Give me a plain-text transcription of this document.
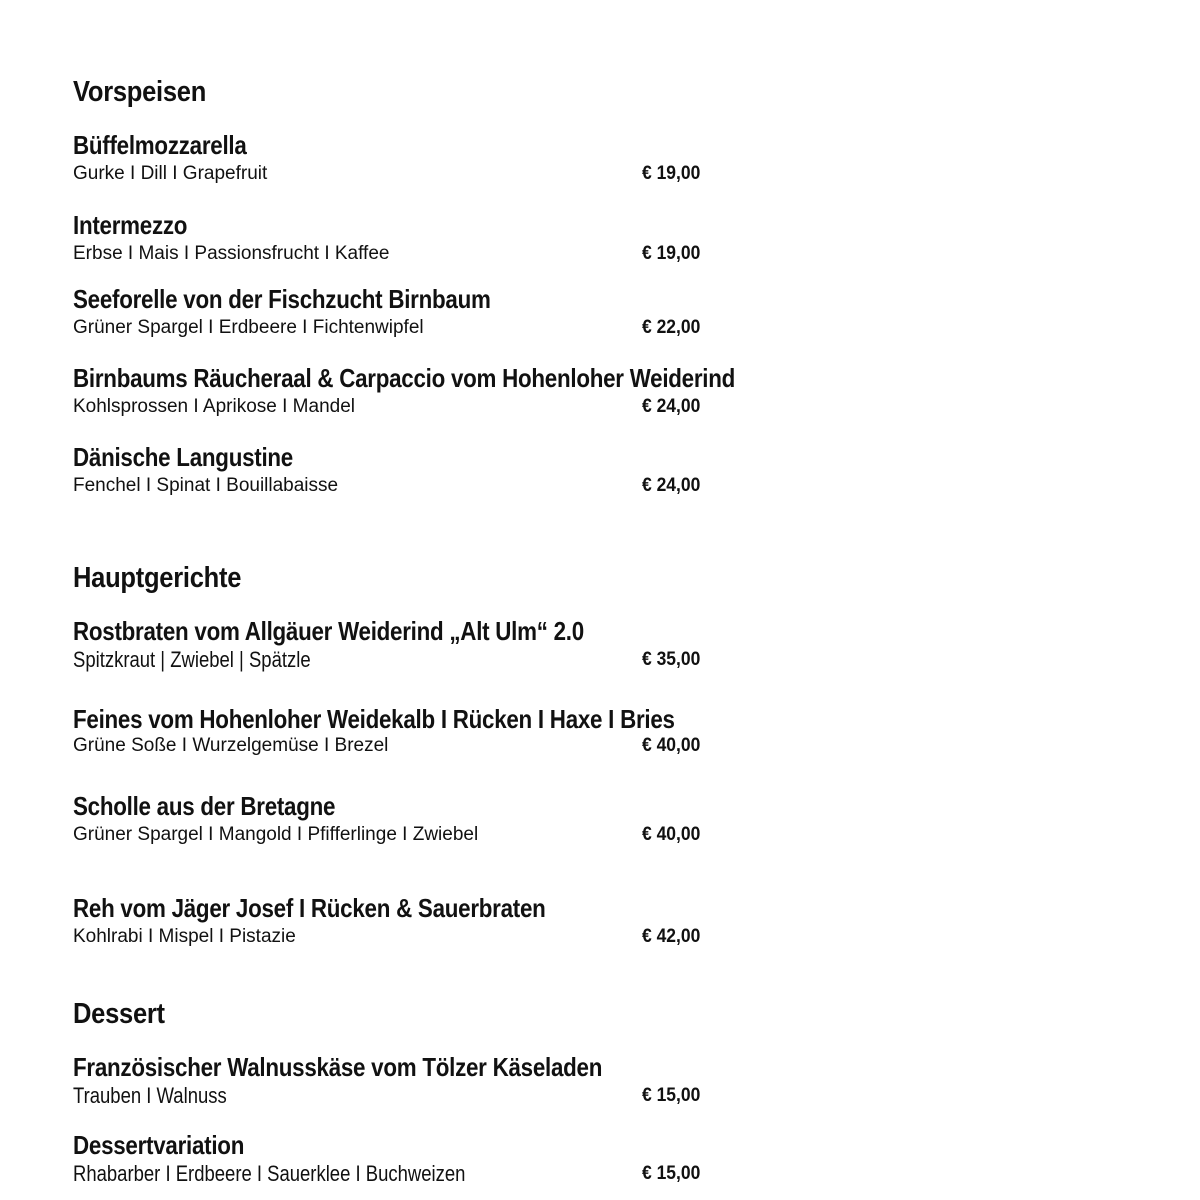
Vorspeisen
Büffelmozzarella
Gurke I Dill I Grapefruit	€ 19,00
Intermezzo
Erbse I Mais I Passionsfrucht I Kaffee	€ 19,00
Seeforelle von der Fischzucht Birnbaum
Grüner Spargel I Erdbeere I Fichtenwipfel	€ 22,00
Birnbaums Räucheraal & Carpaccio vom Hohenloher Weiderind
Kohlsprossen I Aprikose I Mandel	€ 24,00
Dänische Langustine
Fenchel I Spinat I Bouillabaisse	€ 24,00
Hauptgerichte
Rostbraten vom Allgäuer Weiderind „Alt Ulm“ 2.0
Spitzkraut | Zwiebel | Spätzle	€ 35,00
Feines vom Hohenloher Weidekalb I Rücken I Haxe I Bries
Grüne Soße I Wurzelgemüse I Brezel	€ 40,00
Scholle aus der Bretagne
Grüner Spargel I Mangold I Pfifferlinge I Zwiebel	€ 40,00
Reh vom Jäger Josef I Rücken & Sauerbraten
Kohlrabi I Mispel I Pistazie	€ 42,00
Dessert
Französischer Walnusskäse vom Tölzer Käseladen
Trauben I Walnuss	€ 15,00
Dessertvariation
Rhabarber I Erdbeere I Sauerklee I Buchweizen	€ 15,00
